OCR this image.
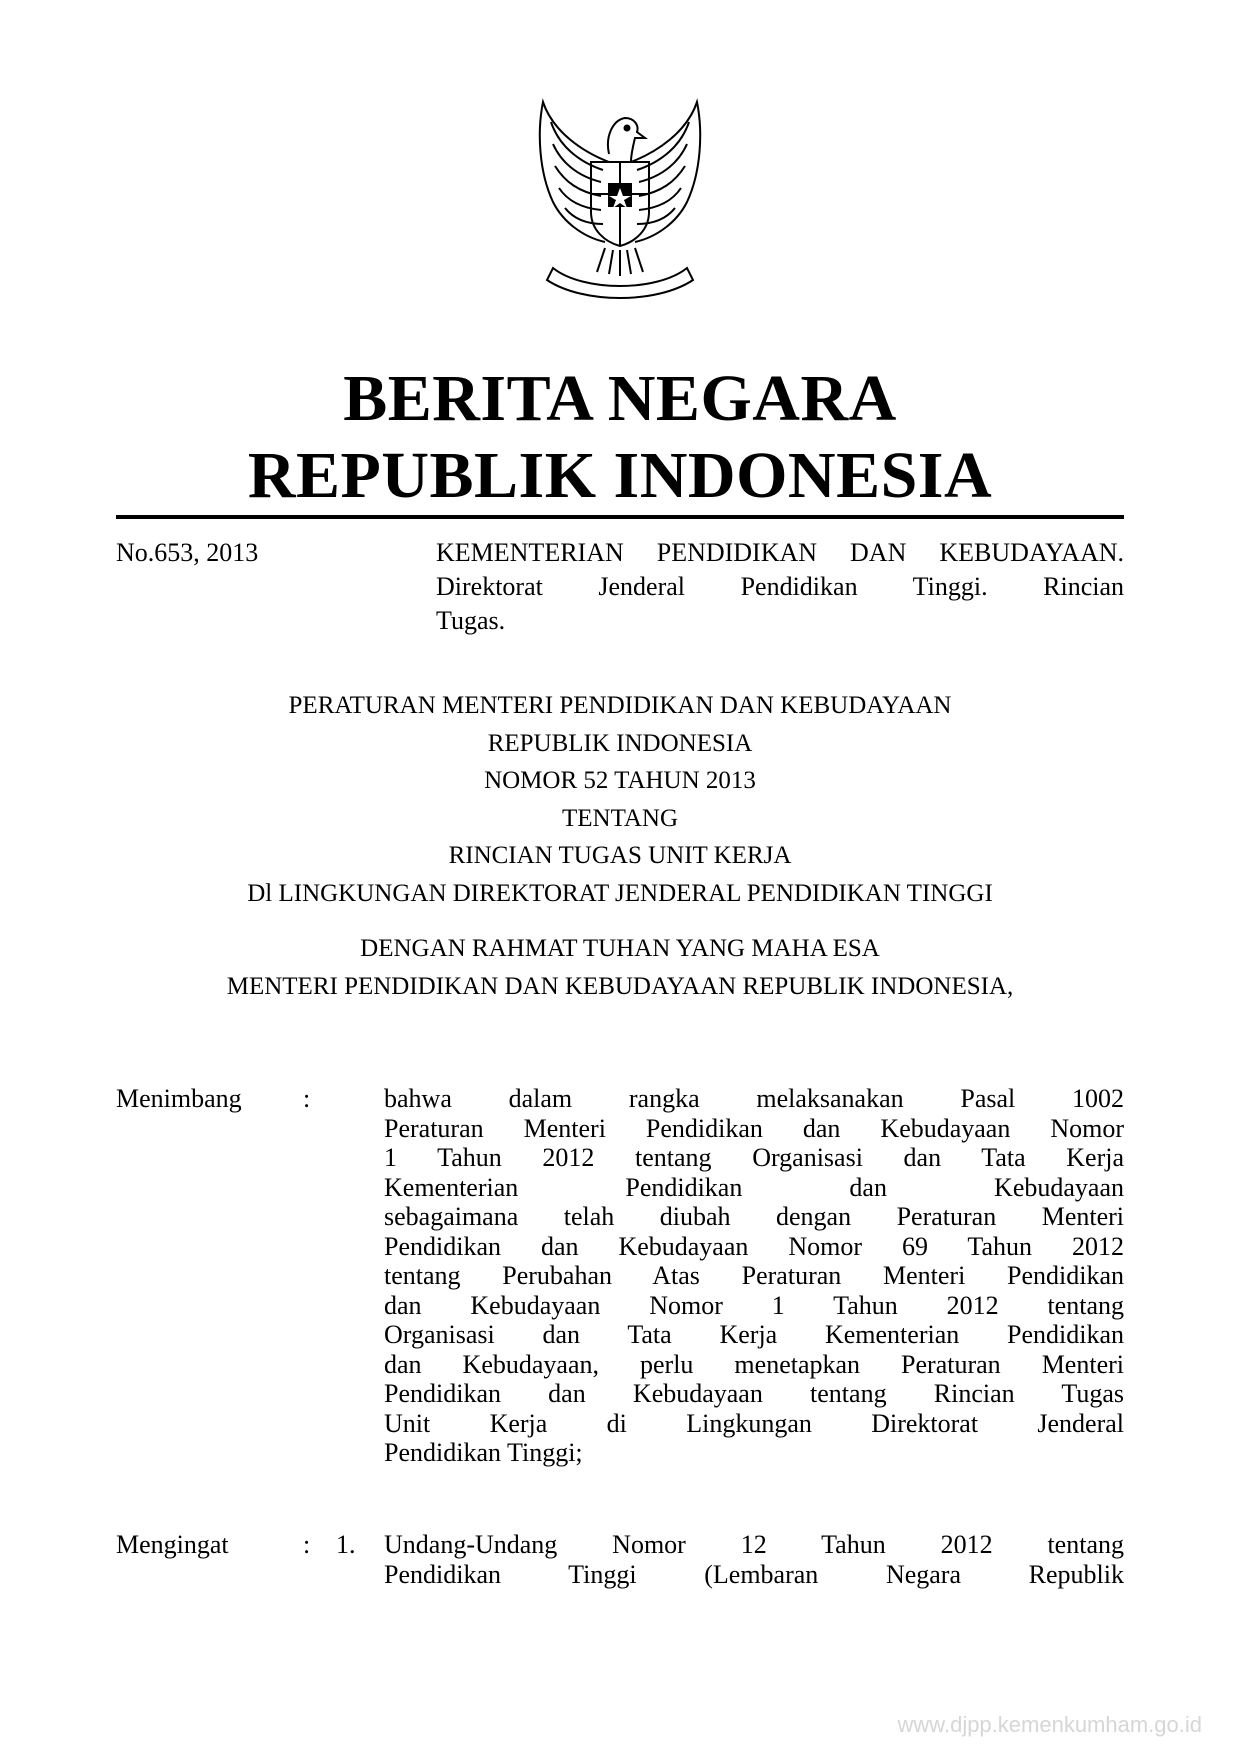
BERITA NEGARA
REPUBLIK INDONESIA
No.653, 2013	KEMENTERIAN PENDIDIKAN DAN KEBUDAYAAN.
Direktorat Jenderal Pendidikan Tinggi. Rincian
Tugas.
PERATURAN MENTERI PENDIDIKAN DAN KEBUDAYAAN
REPUBLIK INDONESIA
NOMOR 52 TAHUN 2013
TENTANG
RINCIAN TUGAS UNIT KERJA
Dl LINGKUNGAN DIREKTORAT JENDERAL PENDIDIKAN TINGGI
DENGAN RAHMAT TUHAN YANG MAHA ESA
MENTERI PENDIDIKAN DAN KEBUDAYAAN REPUBLIK INDONESIA,
Menimbang :	bahwa dalam rangka melaksanakan Pasal 1002
Peraturan Menteri Pendidikan dan Kebudayaan Nomor
1 Tahun 2012 tentang Organisasi dan Tata Kerja
Kementerian Pendidikan dan Kebudayaan
sebagaimana telah diubah dengan Peraturan Menteri
Pendidikan dan Kebudayaan Nomor 69 Tahun 2012
tentang Perubahan Atas Peraturan Menteri Pendidikan
dan Kebudayaan Nomor 1 Tahun 2012 tentang
Organisasi dan Tata Kerja Kementerian Pendidikan
dan Kebudayaan, perlu menetapkan Peraturan Menteri
Pendidikan dan Kebudayaan tentang Rincian Tugas
Unit Kerja di Lingkungan Direktorat Jenderal
Pendidikan Tinggi;
Mengingat	: 1. Undang-Undang Nomor 12 Tahun 2012 tentang
Pendidikan Tinggi (Lembaran Negara Republik
www.djpp.kemenkumham.go.id
